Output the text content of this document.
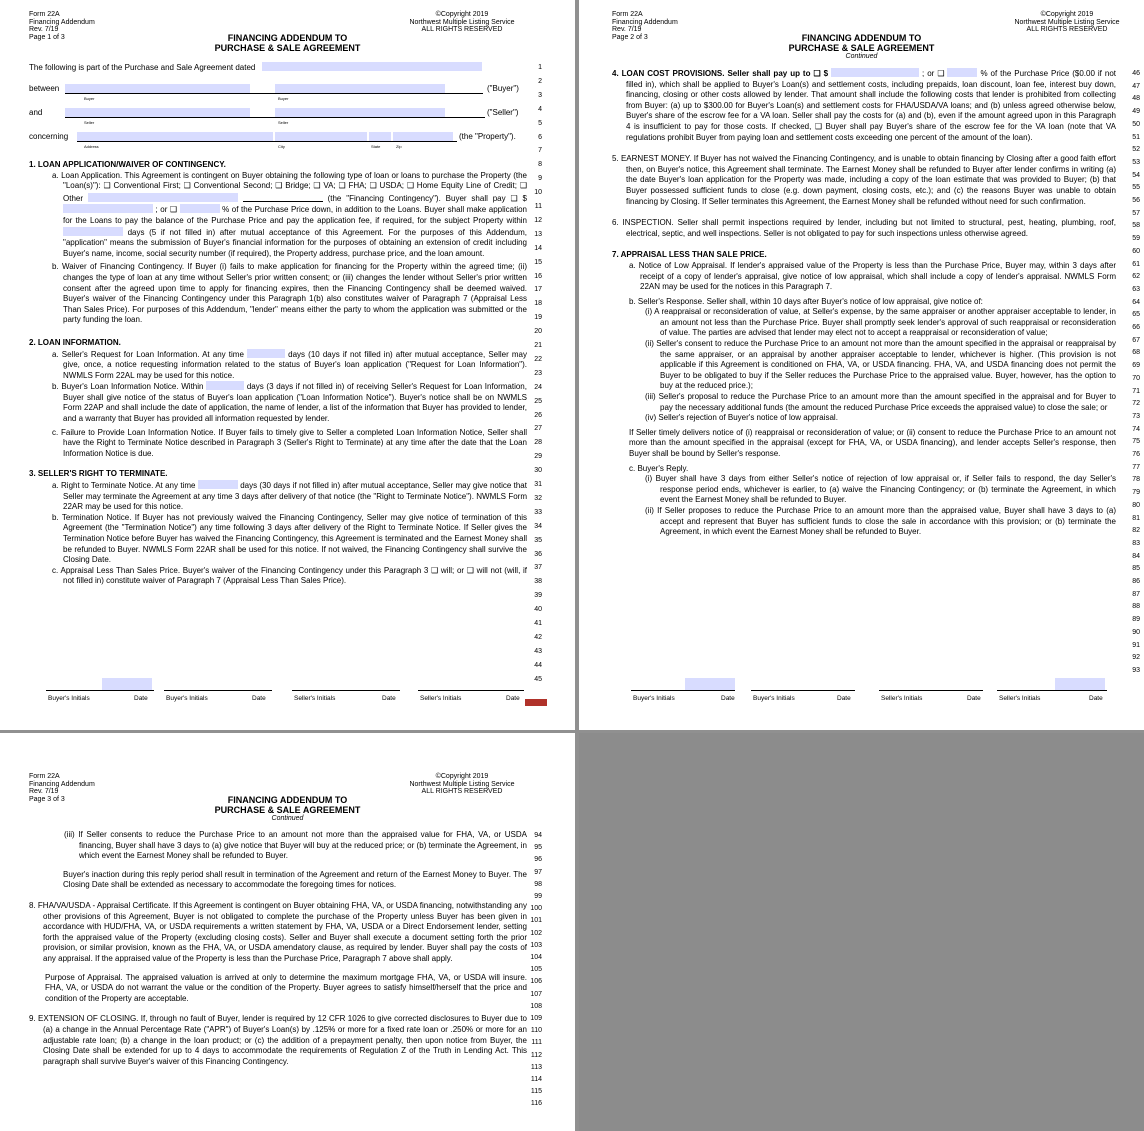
Form 22A
Financing Addendum
Rev. 7/19
Page 1 of 3
©Copyright 2019
Northwest Multiple Listing Service
ALL RIGHTS RESERVED
FINANCING ADDENDUM TO
PURCHASE & SALE AGREEMENT

The following is part of the Purchase and Sale Agreement dated

between	("Buyer")
Buyer	Buyer
and	("Seller")
Seller	Seller
concerning	(the "Property").
Address	City	State	Zip

1. LOAN APPLICATION/WAIVER OF CONTINGENCY.

a. Loan Application. This Agreement is contingent on Buyer obtaining the following type of loan or loans to purchase the Property (the "Loan(s)"): ❑ Conventional First; ❑ Conventional Second; ❑ Bridge; ❑ VA; ❑ FHA; ❑ USDA; ❑ Home Equity Line of Credit; ❑ Other	(the "Financing Contingency"). Buyer shall pay ❑ $  ; or ❑	% of the Purchase Price down, in addition to the Loans. Buyer shall make application for the Loans to pay the balance of the Purchase Price and pay the application fee, if required, for the subject Property within  days (5 if not filled in) after mutual acceptance of this Agreement. For the purposes of this Addendum, "application" means the submission of Buyer's financial information for the purposes of obtaining an extension of credit including Buyer's name, income, social security number (if required), the Property address, purchase price, and the loan amount.

b. Waiver of Financing Contingency. If Buyer (i) fails to make application for financing for the Property within the agreed time; (ii) changes the type of loan at any time without Seller's prior written consent; or (iii) changes the lender without Seller's prior written consent after the agreed upon time to apply for financing expires, then the Financing Contingency shall be deemed waived. Buyer's waiver of the Financing Contingency under this Paragraph 1(b) also constitutes waiver of Paragraph 7 (Appraisal Less Than Sales Price). For purposes of this Addendum, "lender" means either the party to whom the application was submitted or the party funding the loan.

2. LOAN INFORMATION.

a. Seller's Request for Loan Information. At any time	days (10 days if not filled in) after mutual acceptance, Seller may give, once, a notice requesting information related to the status of Buyer's loan application ("Request for Loan Information"). NWMLS Form 22AL may be used for this notice.

b. Buyer's Loan Information Notice. Within	days (3 days if not filled in) of receiving Seller's Request for Loan Information, Buyer shall give notice of the status of Buyer's loan application ("Loan Information Notice"). Buyer's notice shall be on NWMLS Form 22AP and shall include the date of application, the name of lender, a list of the information that Buyer has provided to lender, and a warranty that Buyer has provided all information requested by lender.

c. Failure to Provide Loan Information Notice. If Buyer fails to timely give to Seller a completed Loan Information Notice, Seller shall have the Right to Terminate Notice described in Paragraph 3 (Seller's Right to Terminate) at any time after the date that the Loan Information Notice is due.

3. SELLER'S RIGHT TO TERMINATE.

a. Right to Terminate Notice. At any time	days (30 days if not filled in) after mutual acceptance, Seller may give notice that Seller may terminate the Agreement at any time 3 days after delivery of that notice (the "Right to Terminate Notice"). NWMLS Form 22AR may be used for this notice.

b. Termination Notice. If Buyer has not previously waived the Financing Contingency, Seller may give notice of termination of this Agreement (the "Termination Notice") any time following 3 days after delivery of the Right to Terminate Notice. If Seller gives the Termination Notice before Buyer has waived the Financing Contingency, this Agreement is terminated and the Earnest Money shall be refunded to Buyer. NWMLS Form 22AR shall be used for this notice. If not waived, the Financing Contingency shall survive the Closing Date.

c. Appraisal Less Than Sales Price. Buyer's waiver of the Financing Contingency under this Paragraph 3 ❑ will; or ❑ will not (will, if not filled in) constitute waiver of Paragraph 7 (Appraisal Less Than Sales Price).

Buyer's Initials	Date	Buyer's Initials	Date	Seller's Initials	Date	Seller's Initials	Date
1
2
3
4
5
6
7
8
9
10
11
12
13
14
15
16
17
18
19
20
21
22
23
24
25
26
27
28
29
30
31
32
33
34
35
36
37
38
39
40
41
42
43
44
45
Form 22A
Financing Addendum
Rev. 7/19
Page 2 of 3
©Copyright 2019
Northwest Multiple Listing Service
ALL RIGHTS RESERVED
FINANCING ADDENDUM TO
PURCHASE & SALE AGREEMENT
Continued

4. LOAN COST PROVISIONS. Seller shall pay up to ❑ $	; or ❑	% of the Purchase Price ($0.00 if not filled in), which shall be applied to Buyer's Loan(s) and settlement costs, including prepaids, loan discount, loan fee, interest buy down, financing, closing or other costs allowed by lender. That amount shall include the following costs that lender is prohibited from collecting from Buyer: (a) up to $300.00 for Buyer's Loan(s) and settlement costs for FHA/USDA/VA loans; and (b) unless agreed otherwise below, Buyer's share of the escrow fee for a VA loan. Seller shall pay the costs for (a) and (b), even if the amount agreed upon in this Paragraph 4 is insufficient to pay for those costs. If checked, ❑ Buyer shall pay Buyer's share of the escrow fee for the VA loan (note that VA regulations prohibit Buyer from paying loan and settlement costs exceeding one percent of the amount of the loan).

5. EARNEST MONEY. If Buyer has not waived the Financing Contingency, and is unable to obtain financing by Closing after a good faith effort then, on Buyer's notice, this Agreement shall terminate. The Earnest Money shall be refunded to Buyer after lender confirms in writing (a) the date Buyer's loan application for the Property was made, including a copy of the loan estimate that was provided to Buyer; (b) that Buyer possessed sufficient funds to close (e.g. down payment, closing costs, etc.); and (c) the reasons Buyer was unable to obtain financing by Closing. If Seller terminates this Agreement, the Earnest Money shall be refunded without need for such confirmation.

6. INSPECTION. Seller shall permit inspections required by lender, including but not limited to structural, pest, heating, plumbing, roof, electrical, septic, and well inspections. Seller is not obligated to pay for such inspections unless otherwise agreed.

7. APPRAISAL LESS THAN SALE PRICE.

a. Notice of Low Appraisal. If lender's appraised value of the Property is less than the Purchase Price, Buyer may, within 3 days after receipt of a copy of lender's appraisal, give notice of low appraisal, which shall include a copy of lender's appraisal. NWMLS Form 22AN may be used for the notices in this Paragraph 7.

b. Seller's Response. Seller shall, within 10 days after Buyer's notice of low appraisal, give notice of:

(i) A reappraisal or reconsideration of value, at Seller's expense, by the same appraiser or another appraiser acceptable to lender, in an amount not less than the Purchase Price. Buyer shall promptly seek lender's approval of such reappraisal or reconsideration of value. The parties are advised that lender may elect not to accept a reappraisal or reconsideration of value;

(ii) Seller's consent to reduce the Purchase Price to an amount not more than the amount specified in the appraisal or reappraisal by the same appraiser, or an appraisal by another appraiser acceptable to lender, whichever is higher. (This provision is not applicable if this Agreement is conditioned on FHA, VA, or USDA financing. FHA, VA, and USDA financing does not permit the Buyer to be obligated to buy if the Seller reduces the Purchase Price to the appraised value. Buyer, however, has the option to buy at the reduced price.);

(iii) Seller's proposal to reduce the Purchase Price to an amount more than the amount specified in the appraisal and for Buyer to pay the necessary additional funds (the amount the reduced Purchase Price exceeds the appraised value) to close the sale; or

(iv) Seller's rejection of Buyer's notice of low appraisal.

If Seller timely delivers notice of (i) reappraisal or reconsideration of value; or (ii) consent to reduce the Purchase Price to an amount not more than the amount specified in the appraisal (except for FHA, VA, or USDA financing), and lender accepts Seller's response, then Buyer shall be bound by Seller's response.

c. Buyer's Reply.

(i) Buyer shall have 3 days from either Seller's notice of rejection of low appraisal or, if Seller fails to respond, the day Seller's response period ends, whichever is earlier, to (a) waive the Financing Contingency; or (b) terminate the Agreement, in which event the Earnest Money shall be refunded to Buyer.

(ii) If Seller proposes to reduce the Purchase Price to an amount more than the appraised value, Buyer shall have 3 days to (a) accept and represent that Buyer has sufficient funds to close the sale in accordance with this provision; or (b) terminate the Agreement, in which event the Earnest Money shall be refunded to Buyer.

Buyer's Initials	Date	Buyer's Initials	Date	Seller's Initials	Date	Seller's Initials	Date
46
47
48
49
50
51
52
53
54
55
56
57
58
59
60
61
62
63
64
65
66
67
68
69
70
71
72
73
74
75
76
77
78
79
80
81
82
83
84
85
86
87
88
89
90
91
92
93
Form 22A
Financing Addendum
Rev. 7/19
Page 3 of 3
©Copyright 2019
Northwest Multiple Listing Service
ALL RIGHTS RESERVED
FINANCING ADDENDUM TO
PURCHASE & SALE AGREEMENT
Continued

(iii) If Seller consents to reduce the Purchase Price to an amount not more than the appraised value for FHA, VA, or USDA financing, Buyer shall have 3 days to (a) give notice that Buyer will buy at the reduced price; or (b) terminate the Agreement, in which event the Earnest Money shall be refunded to Buyer.

Buyer's inaction during this reply period shall result in termination of the Agreement and return of the Earnest Money to Buyer. The Closing Date shall be extended as necessary to accommodate the foregoing times for notices.

8. FHA/VA/USDA - Appraisal Certificate. If this Agreement is contingent on Buyer obtaining FHA, VA, or USDA financing, notwithstanding any other provisions of this Agreement, Buyer is not obligated to complete the purchase of the Property unless Buyer has been given in accordance with HUD/FHA, VA, or USDA requirements a written statement by FHA, VA, USDA or a Direct Endorsement lender, setting forth the appraised value of the Property (excluding closing costs). Seller and Buyer shall execute a document setting forth the prior provision, or similar provision, known as the FHA, VA, or USDA amendatory clause, as required by lender. Buyer shall pay the costs of any appraisal. If the appraised value of the Property is less than the Purchase Price, Paragraph 7 above shall apply.

Purpose of Appraisal. The appraised valuation is arrived at only to determine the maximum mortgage FHA, VA, or USDA will insure. FHA, VA, or USDA do not warrant the value or the condition of the Property. Buyer agrees to satisfy himself/herself that the price and condition of the Property are acceptable.

9. EXTENSION OF CLOSING. If, through no fault of Buyer, lender is required by 12 CFR 1026 to give corrected disclosures to Buyer due to (a) a change in the Annual Percentage Rate ("APR") of Buyer's Loan(s) by .125% or more for a fixed rate loan or .250% or more for an adjustable rate loan; (b) a change in the loan product; or (c) the addition of a prepayment penalty, then upon notice from Buyer, the Closing Date shall be extended for up to 4 days to accommodate the requirements of Regulation Z of the Truth in Lending Act. This paragraph shall survive Buyer's waiver of this Financing Contingency.

94
95
96
97
98
99
100
101
102
103
104
105
106
107
108
109
110
111
112
113
114
115
116
